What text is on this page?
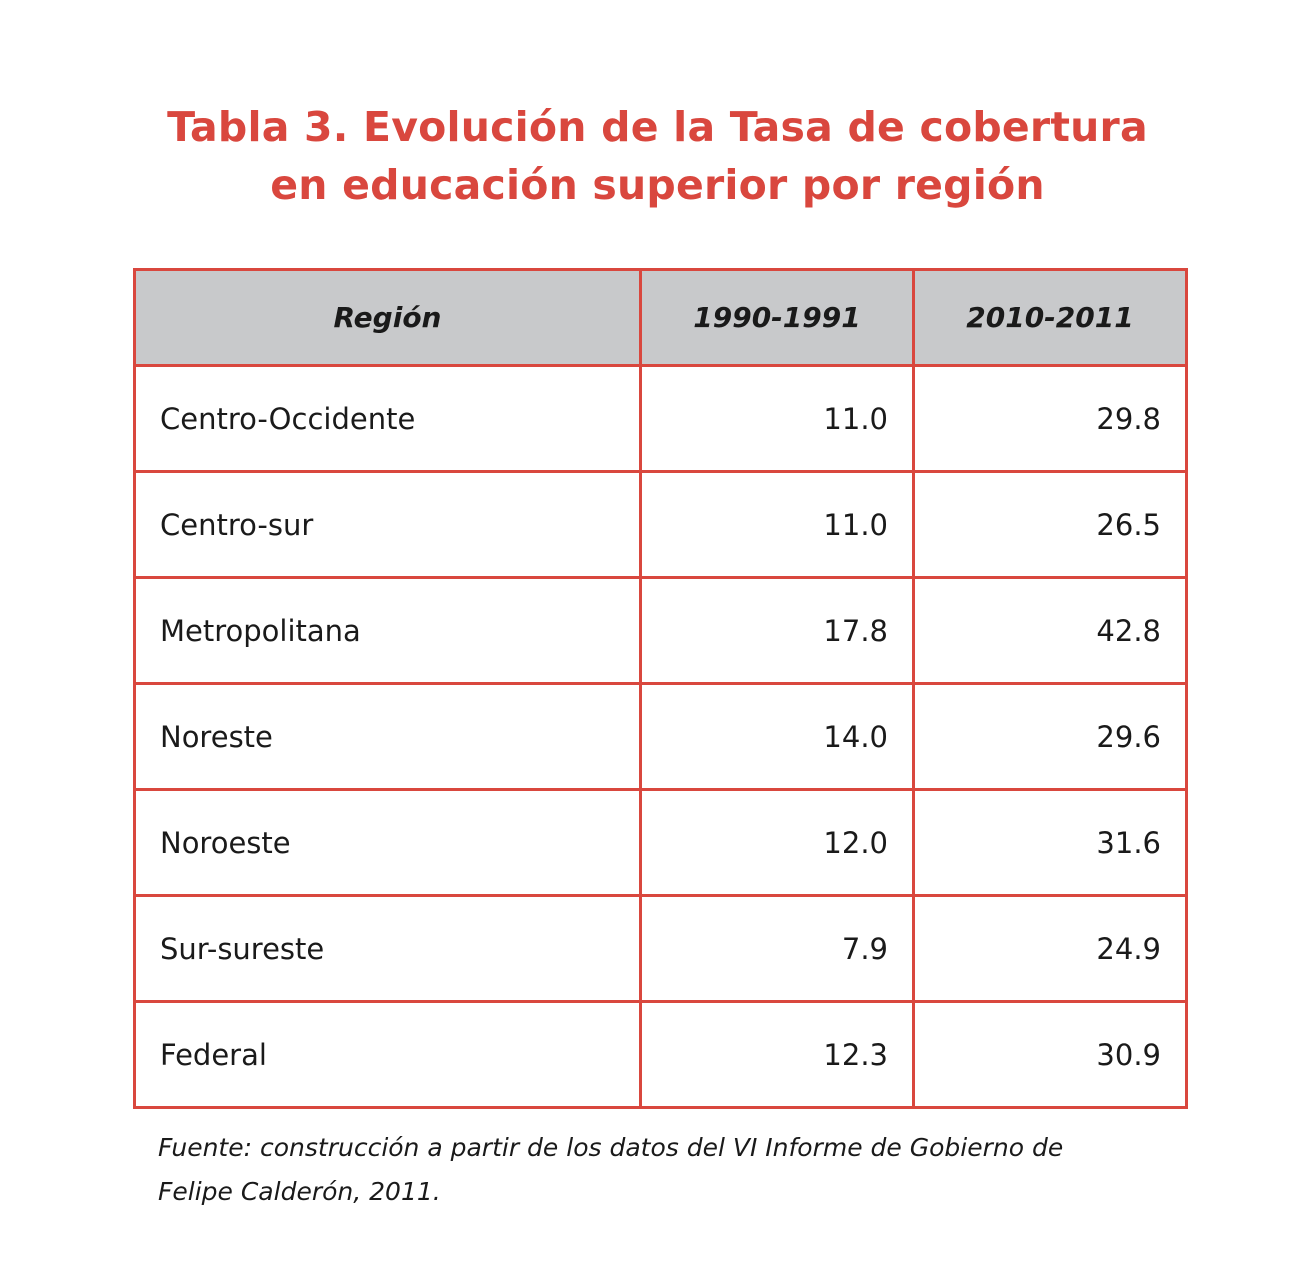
Tabla 3. Evolución de la Tasa de cobertura
en educación superior por región
Región	1990-1991	2010-2011
Centro-Occidente	11.0	29.8
Centro-sur	11.0	26.5
Metropolitana	17.8	42.8
Noreste	14.0	29.6
Noroeste	12.0	31.6
Sur-sureste	7.9	24.9
Federal	12.3	30.9
Fuente: construcción a partir de los datos del VI Informe de Gobierno de
Felipe Calderón, 2011.
